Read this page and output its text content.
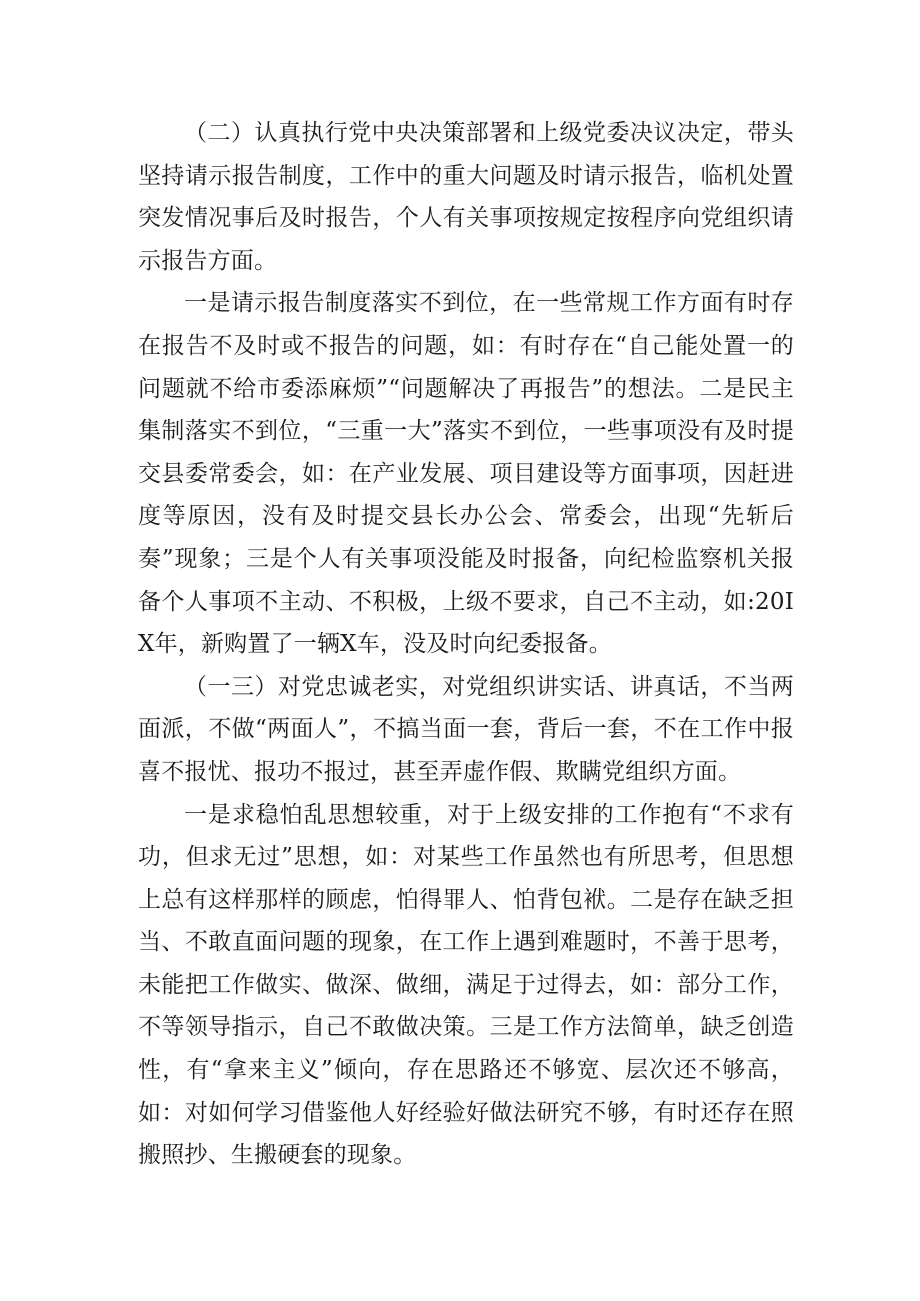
（二）认真执行党中央决策部署和上级党委决议决定，带头坚持请示报告制度，工作中的重大问题及时请示报告，临机处置突发情况事后及时报告，个人有关事项按规定按程序向党组织请示报告方面。

一是请示报告制度落实不到位，在一些常规工作方面有时存在报告不及时或不报告的问题，如：有时存在“自己能处置一的问题就不给市委添麻烦”“问题解决了再报告”的想法。二是民主集制落实不到位，“三重一大”落实不到位，一些事项没有及时提交县委常委会，如：在产业发展、项目建设等方面事项，因赶进度等原因，没有及时提交县长办公会、常委会，出现“先斩后奏”现象；三是个人有关事项没能及时报备，向纪检监察机关报备个人事项不主动、不积极，上级不要求，自己不主动，如:20IX年，新购置了一辆X车，没及时向纪委报备。

（一三）对党忠诚老实，对党组织讲实话、讲真话，不当两面派，不做“两面人”，不搞当面一套，背后一套，不在工作中报喜不报忧、报功不报过，甚至弄虚作假、欺瞒党组织方面。

一是求稳怕乱思想较重，对于上级安排的工作抱有“不求有功，但求无过”思想，如：对某些工作虽然也有所思考，但思想上总有这样那样的顾虑，怕得罪人、怕背包袱。二是存在缺乏担当、不敢直面问题的现象，在工作上遇到难题时，不善于思考，未能把工作做实、做深、做细，满足于过得去，如：部分工作，不等领导指示，自己不敢做决策。三是工作方法简单，缺乏创造性，有“拿来主义”倾向，存在思路还不够宽、层次还不够高，如：对如何学习借鉴他人好经验好做法研究不够，有时还存在照搬照抄、生搬硬套的现象。
